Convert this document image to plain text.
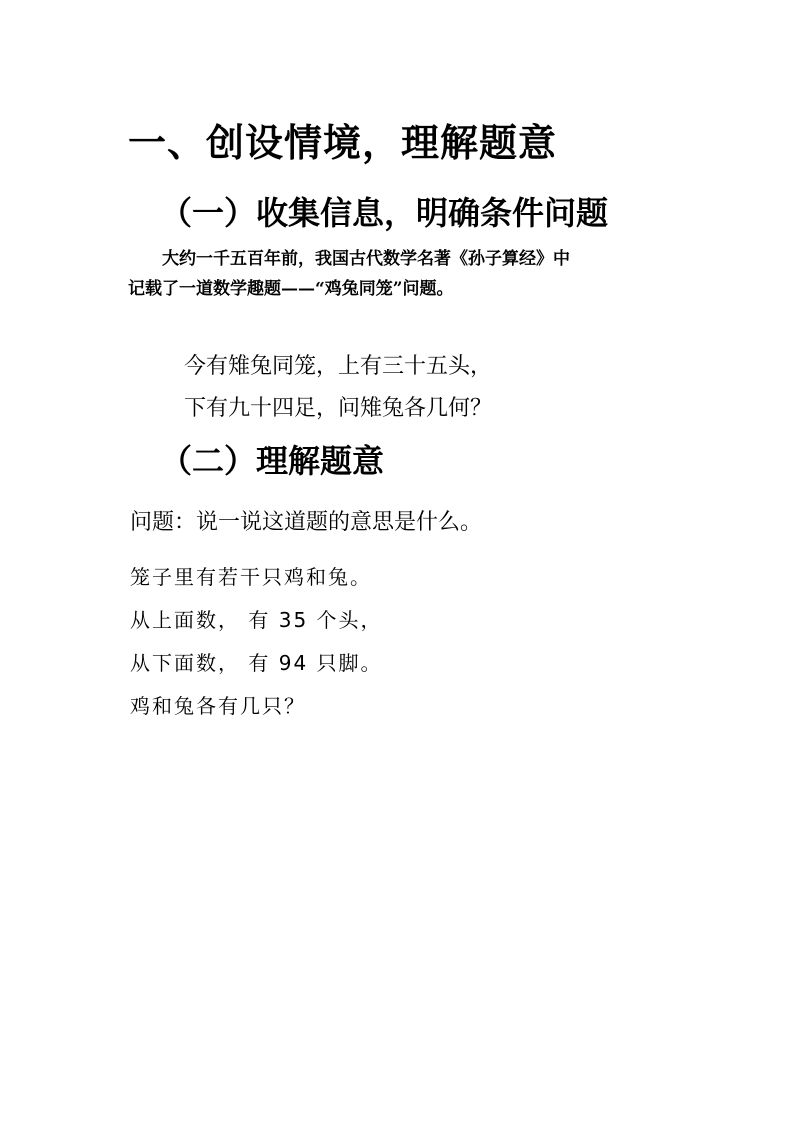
一、创设情境，理解题意
（一）收集信息，明确条件问题
大约一千五百年前，我国古代数学名著《孙子算经》中
记载了一道数学趣题——“鸡兔同笼”问题。
今有雉兔同笼，上有三十五头，
下有九十四足，问雉兔各几何？
（二）理解题意
问题：说一说这道题的意思是什么。
笼子里有若干只鸡和兔。
从上面数， 有 35 个头，
从下面数， 有 94 只脚。
鸡和兔各有几只？
